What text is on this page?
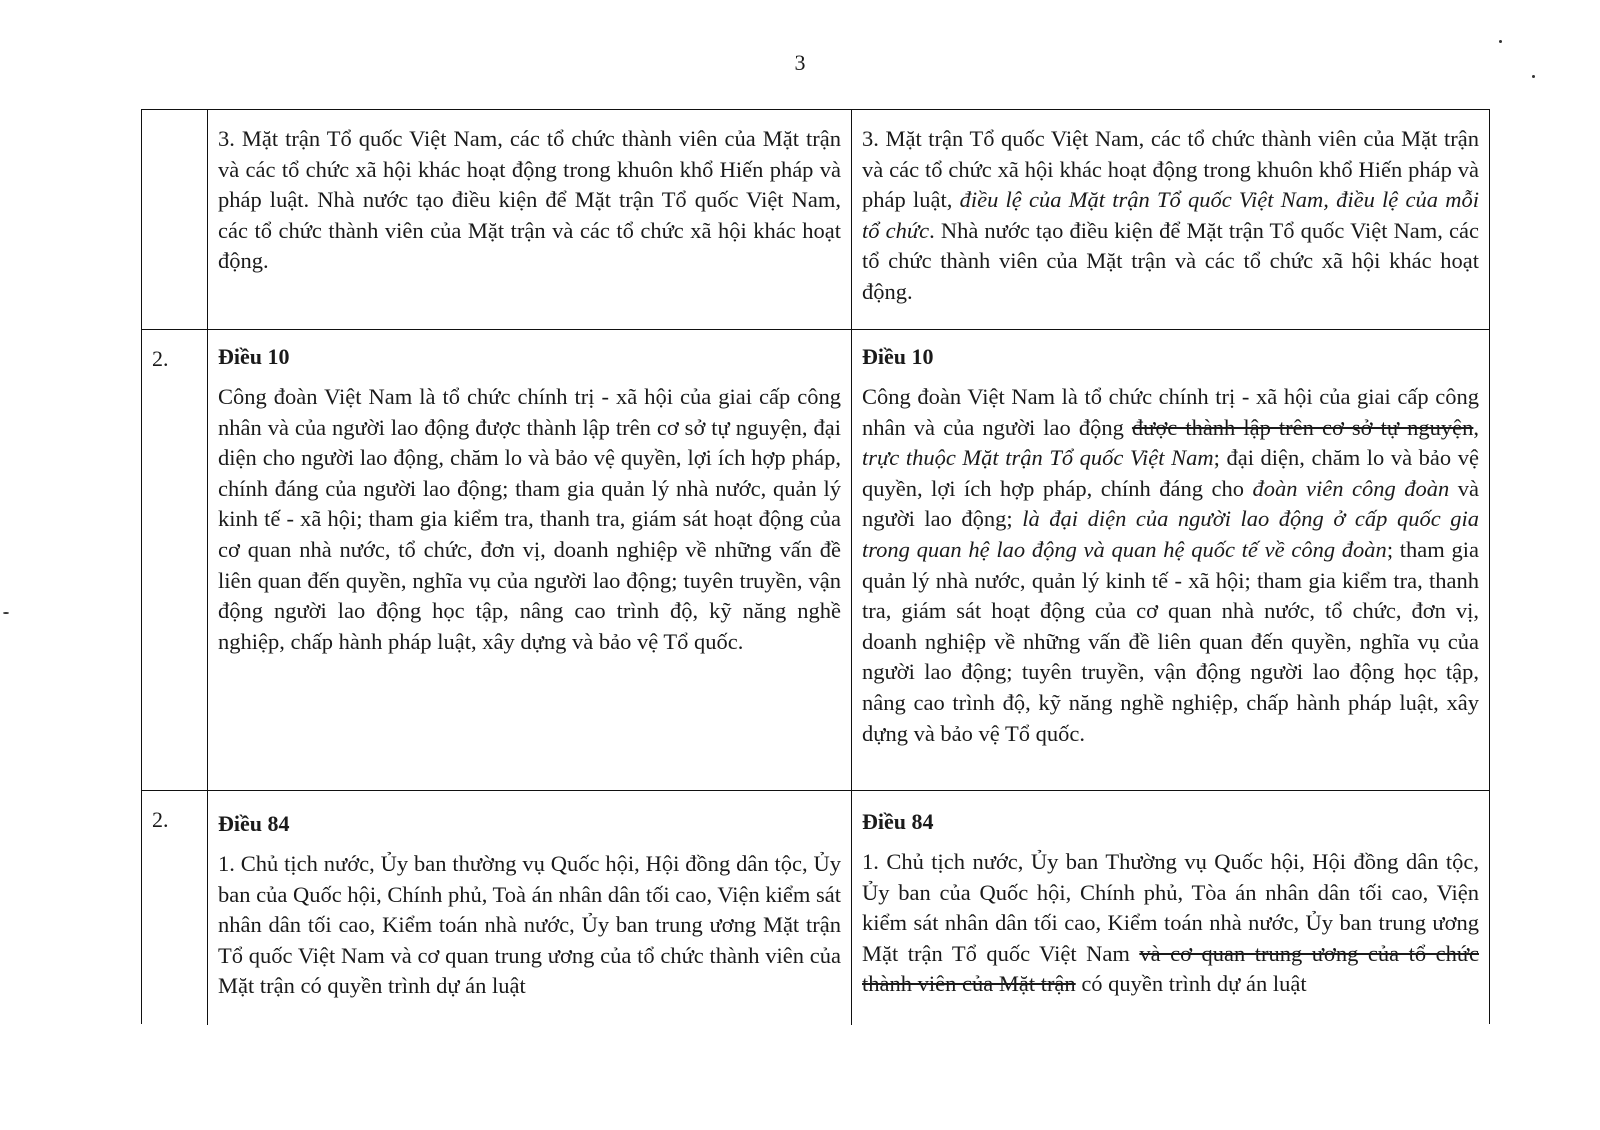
3

3. Mặt trận Tổ quốc Việt Nam, các tổ chức thành viên của Mặt trận và các tổ chức xã hội khác hoạt động trong khuôn khổ Hiến pháp và pháp luật. Nhà nước tạo điều kiện để Mặt trận Tổ quốc Việt Nam, các tổ chức thành viên của Mặt trận và các tổ chức xã hội khác hoạt động.

3. Mặt trận Tổ quốc Việt Nam, các tổ chức thành viên của Mặt trận và các tổ chức xã hội khác hoạt động trong khuôn khổ Hiến pháp và pháp luật, điều lệ của Mặt trận Tổ quốc Việt Nam, điều lệ của mỗi tổ chức. Nhà nước tạo điều kiện để Mặt trận Tổ quốc Việt Nam, các tổ chức thành viên của Mặt trận và các tổ chức xã hội khác hoạt động.

2. Điều 10

Công đoàn Việt Nam là tổ chức chính trị - xã hội của giai cấp công nhân và của người lao động được thành lập trên cơ sở tự nguyện, đại diện cho người lao động, chăm lo và bảo vệ quyền, lợi ích hợp pháp, chính đáng của người lao động; tham gia quản lý nhà nước, quản lý kinh tế - xã hội; tham gia kiểm tra, thanh tra, giám sát hoạt động của cơ quan nhà nước, tổ chức, đơn vị, doanh nghiệp về những vấn đề liên quan đến quyền, nghĩa vụ của người lao động; tuyên truyền, vận động người lao động học tập, nâng cao trình độ, kỹ năng nghề nghiệp, chấp hành pháp luật, xây dựng và bảo vệ Tổ quốc.

Điều 10

Công đoàn Việt Nam là tổ chức chính trị - xã hội của giai cấp công nhân và của người lao động được thành lập trên cơ sở tự nguyện, trực thuộc Mặt trận Tổ quốc Việt Nam; đại diện, chăm lo và bảo vệ quyền, lợi ích hợp pháp, chính đáng cho đoàn viên công đoàn và người lao động; là đại diện của người lao động ở cấp quốc gia trong quan hệ lao động và quan hệ quốc tế về công đoàn; tham gia quản lý nhà nước, quản lý kinh tế - xã hội; tham gia kiểm tra, thanh tra, giám sát hoạt động của cơ quan nhà nước, tổ chức, đơn vị, doanh nghiệp về những vấn đề liên quan đến quyền, nghĩa vụ của người lao động; tuyên truyền, vận động người lao động học tập, nâng cao trình độ, kỹ năng nghề nghiệp, chấp hành pháp luật, xây dựng và bảo vệ Tổ quốc.

2. Điều 84

1. Chủ tịch nước, Ủy ban thường vụ Quốc hội, Hội đồng dân tộc, Ủy ban của Quốc hội, Chính phủ, Toà án nhân dân tối cao, Viện kiểm sát nhân dân tối cao, Kiểm toán nhà nước, Ủy ban trung ương Mặt trận Tổ quốc Việt Nam và cơ quan trung ương của tổ chức thành viên của Mặt trận có quyền trình dự án luật

Điều 84

1. Chủ tịch nước, Ủy ban Thường vụ Quốc hội, Hội đồng dân tộc, Ủy ban của Quốc hội, Chính phủ, Tòa án nhân dân tối cao, Viện kiểm sát nhân dân tối cao, Kiểm toán nhà nước, Ủy ban trung ương Mặt trận Tổ quốc Việt Nam và cơ quan trung ương của tổ chức thành viên của Mặt trận có quyền trình dự án luật
